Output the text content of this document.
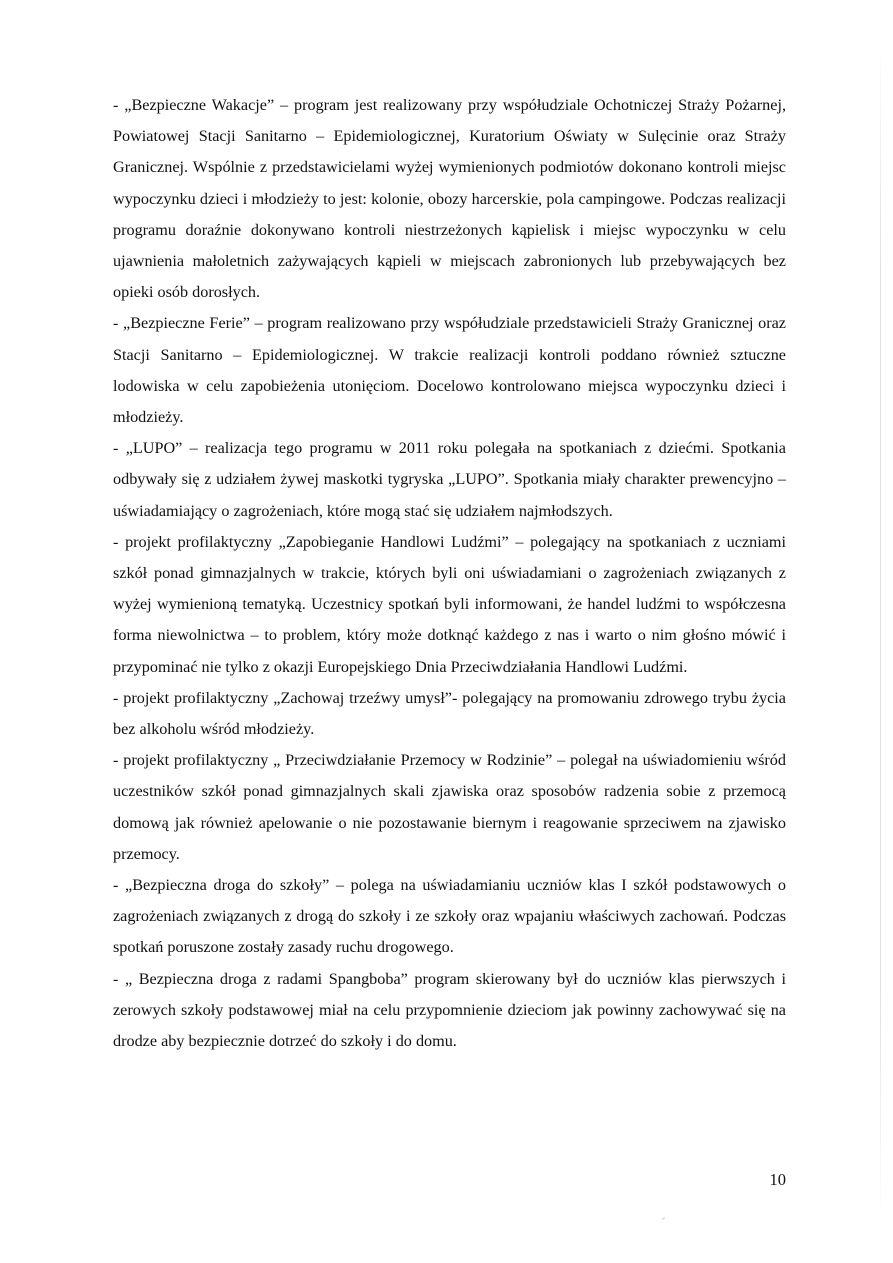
- „Bezpieczne Wakacje” – program jest realizowany przy współudziale Ochotniczej Straży Pożarnej, Powiatowej Stacji Sanitarno – Epidemiologicznej, Kuratorium Oświaty w Sulęcinie oraz Straży Granicznej. Wspólnie z przedstawicielami wyżej wymienionych podmiotów dokonano kontroli miejsc wypoczynku dzieci i młodzieży to jest: kolonie, obozy harcerskie, pola campingowe. Podczas realizacji programu doraźnie dokonywano kontroli niestrzeżonych kąpielisk i miejsc wypoczynku w celu ujawnienia małoletnich zażywających kąpieli w miejscach zabronionych lub przebywających bez opieki osób dorosłych.

- „Bezpieczne Ferie” – program realizowano przy współudziale przedstawicieli Straży Granicznej oraz Stacji Sanitarno – Epidemiologicznej. W trakcie realizacji kontroli poddano również sztuczne lodowiska w celu zapobieżenia utonięciom. Docelowo kontrolowano miejsca wypoczynku dzieci i młodzieży.

- „LUPO” – realizacja tego programu w 2011 roku polegała na spotkaniach z dziećmi. Spotkania odbywały się z udziałem żywej maskotki tygryska „LUPO”. Spotkania miały charakter prewencyjno – uświadamiający o zagrożeniach, które mogą stać się udziałem najmłodszych.

- projekt profilaktyczny „Zapobieganie Handlowi Ludźmi” – polegający na spotkaniach z uczniami szkół ponad gimnazjalnych w trakcie, których byli oni uświadamiani o zagrożeniach związanych z wyżej wymienioną tematyką. Uczestnicy spotkań byli informowani, że handel ludźmi to współczesna forma niewolnictwa – to problem, który może dotknąć każdego z nas i warto o nim głośno mówić i przypominać nie tylko z okazji Europejskiego Dnia Przeciwdziałania Handlowi Ludźmi.

- projekt profilaktyczny „Zachowaj trzeźwy umysł”- polegający na promowaniu zdrowego trybu życia bez alkoholu wśród młodzieży.

- projekt profilaktyczny „ Przeciwdziałanie Przemocy w Rodzinie” – polegał na uświadomieniu wśród uczestników szkół ponad gimnazjalnych skali zjawiska oraz sposobów radzenia sobie z przemocą domową jak również apelowanie o nie pozostawanie biernym i reagowanie sprzeciwem na zjawisko przemocy.

- „Bezpieczna droga do szkoły” – polega na uświadamianiu uczniów klas I szkół podstawowych o zagrożeniach związanych z drogą do szkoły i ze szkoły oraz wpajaniu właściwych zachowań. Podczas spotkań poruszone zostały zasady ruchu drogowego.

- „ Bezpieczna droga z radami Spangboba” program skierowany był do uczniów klas pierwszych i zerowych szkoły podstawowej miał na celu przypomnienie dzieciom jak powinny zachowywać się na drodze aby bezpiecznie dotrzeć do szkoły i do domu.

10
